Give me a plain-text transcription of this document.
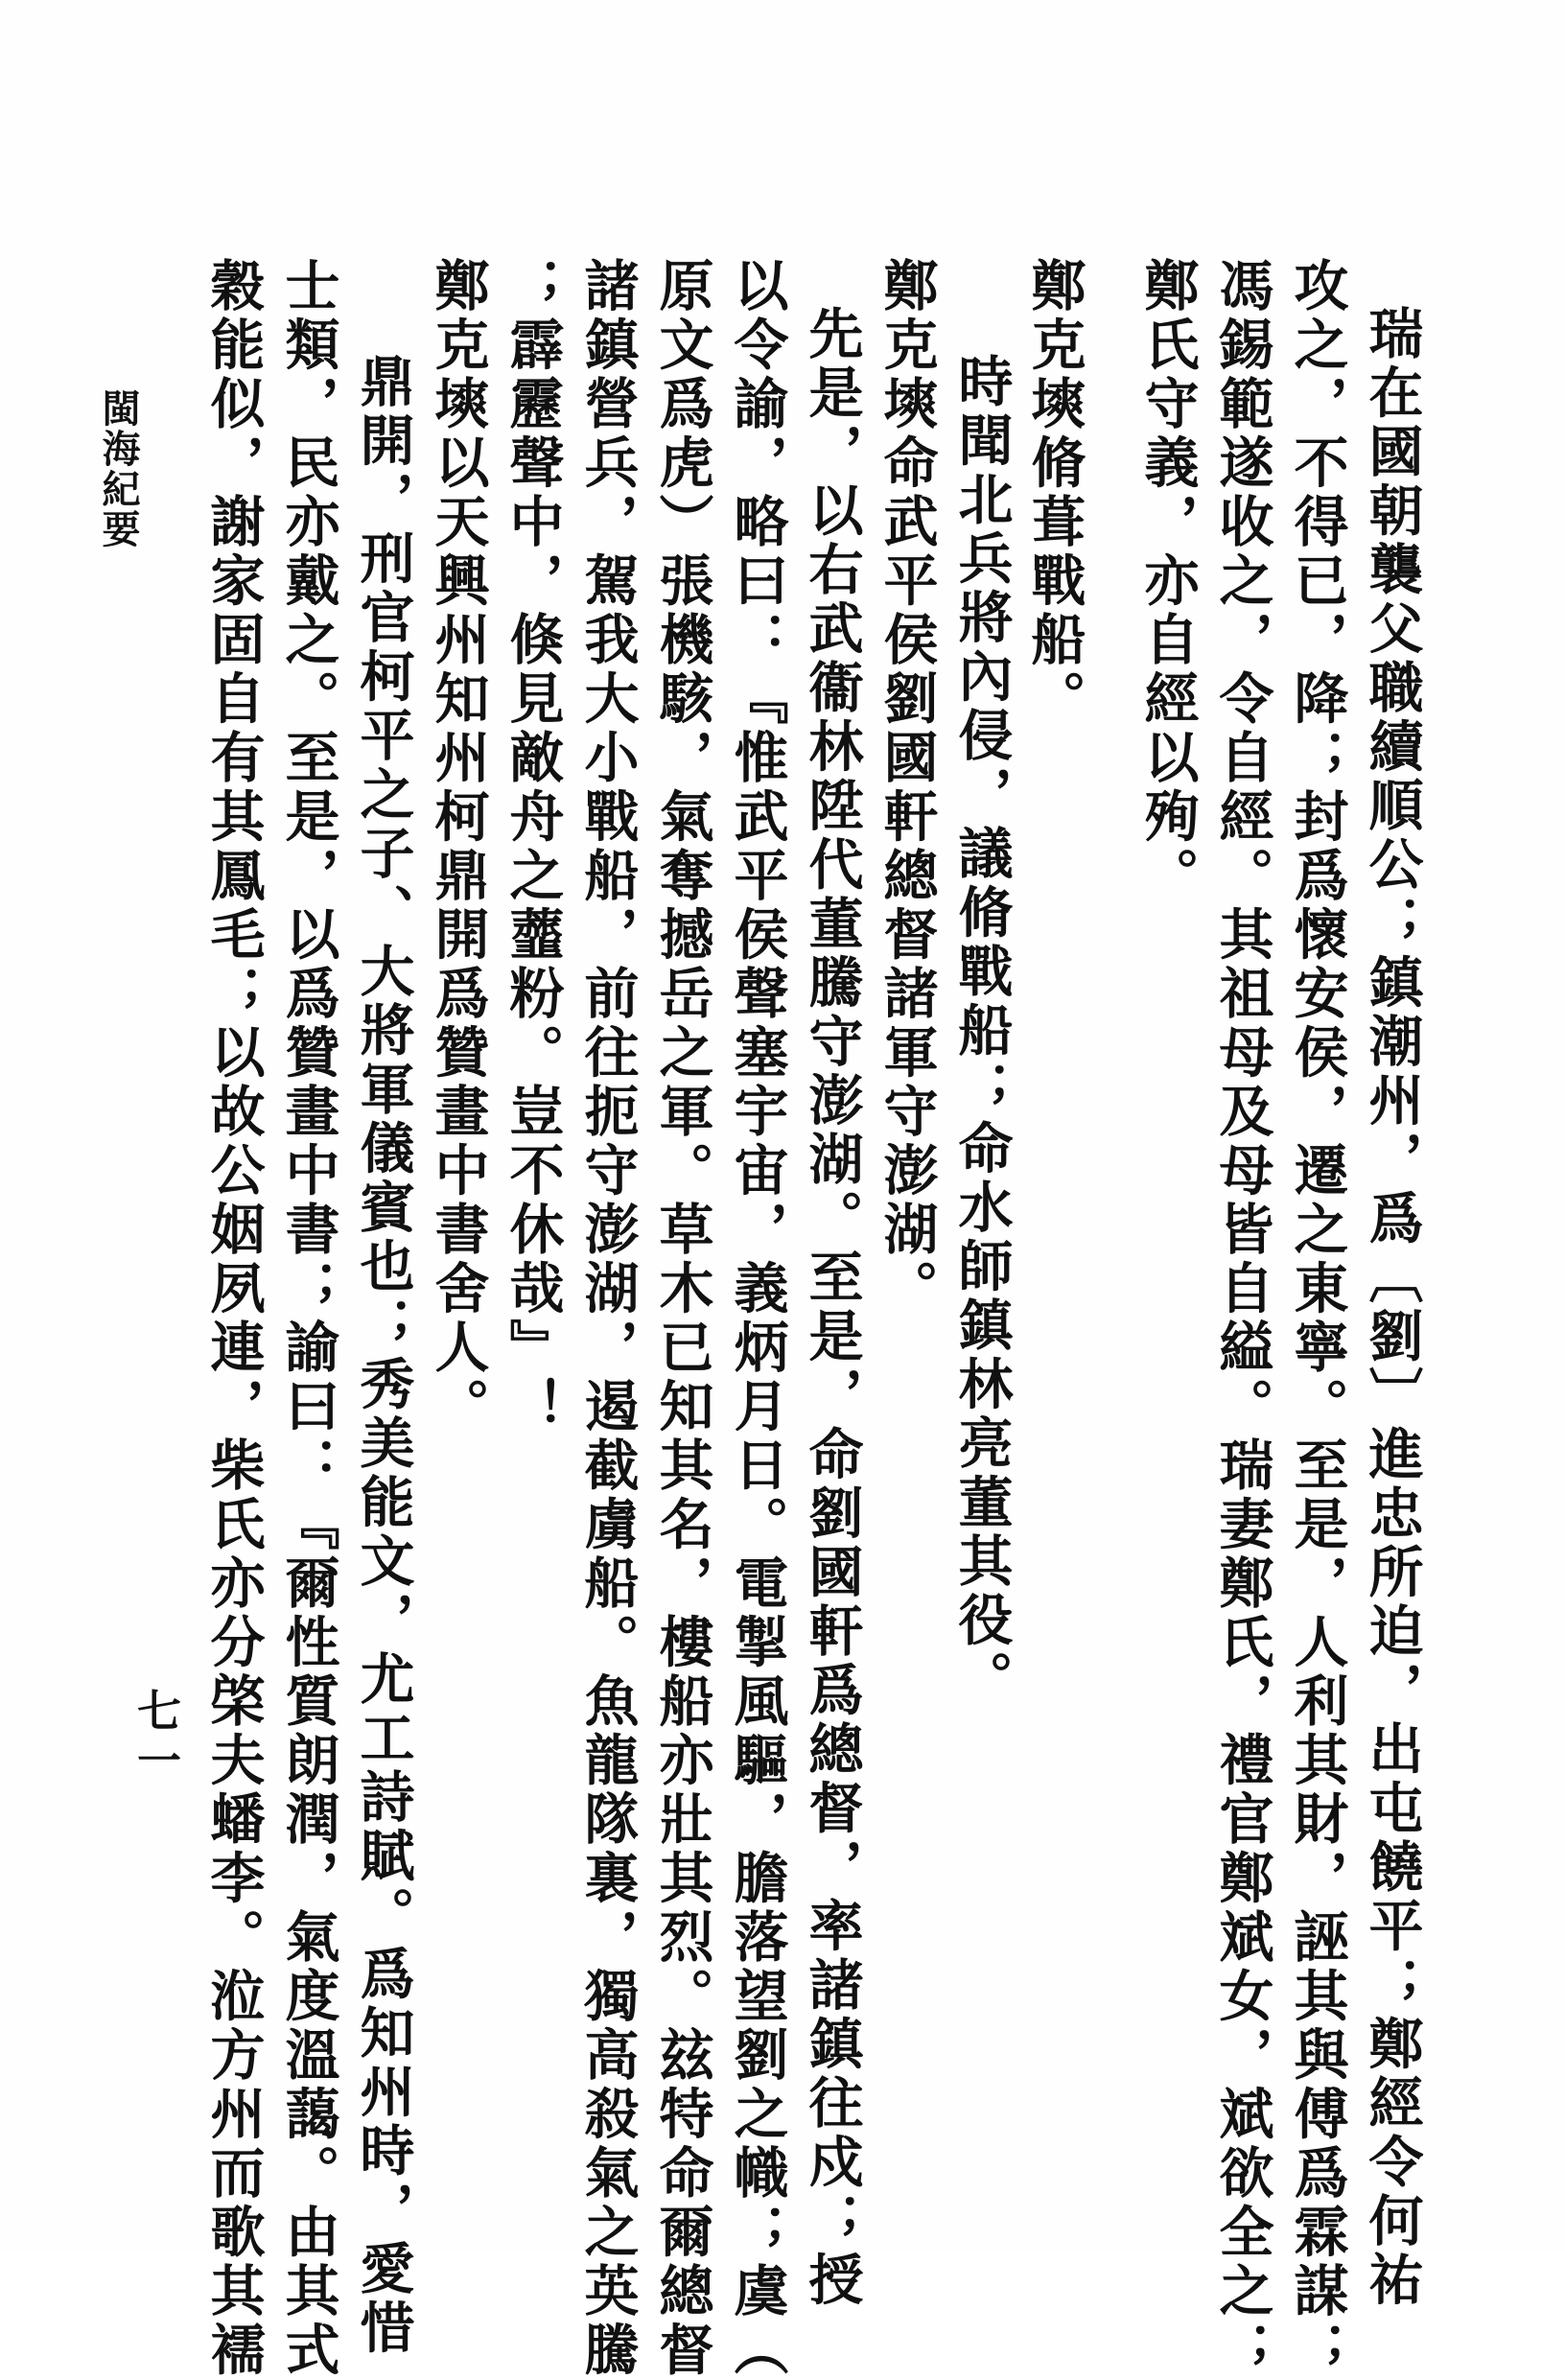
瑞在國朝襲父職續順公；鎮潮州，爲〔劉〕進忠所迫，出屯饒平；鄭經令何祐
攻之，不得已，降；封爲懷安侯，遷之東寧。至是，人利其財，誣其與傅爲霖謀；
馮錫範遂收之，令自經。其祖母及母皆自縊。瑞妻鄭氏，禮官鄭斌女，斌欲全之；
鄭氏守義，亦自經以殉。
鄭克塽脩葺戰船。
時聞北兵將內侵，議脩戰船；命水師鎮林亮董其役。
鄭克塽命武平侯劉國軒總督諸軍守澎湖。
先是，以右武衞林陞代董騰守澎湖。至是，命劉國軒爲總督，率諸鎮往戍；授
以令諭，略曰：『惟武平侯聲塞宇宙，義炳月日。電掣風驅，膽落望劉之幟；虞（
原文爲虎）張機駭，氣奪撼岳之軍。草木已知其名，樓船亦壯其烈。玆特命爾總督
諸鎮營兵，駕我大小戰船，前往扼守澎湖，遏截虜船。魚龍隊裏，獨高殺氣之英騰
；霹靂聲中，倏見敵舟之虀粉。豈不休哉』！
鄭克塽以天興州知州柯鼎開爲贊畫中書舍人。
鼎開，刑官柯平之子、大將軍儀賓也；秀美能文，尤工詩賦。爲知州時，愛惜
士類，民亦戴之。至是，以爲贊畫中書；諭曰：『爾性質朗潤，氣度溫藹。由其式
穀能似，謝家固自有其鳳毛；以故公姻夙連，柴氏亦分棨夫蟠李。涖方州而歌其襦
閩海紀要
七一
